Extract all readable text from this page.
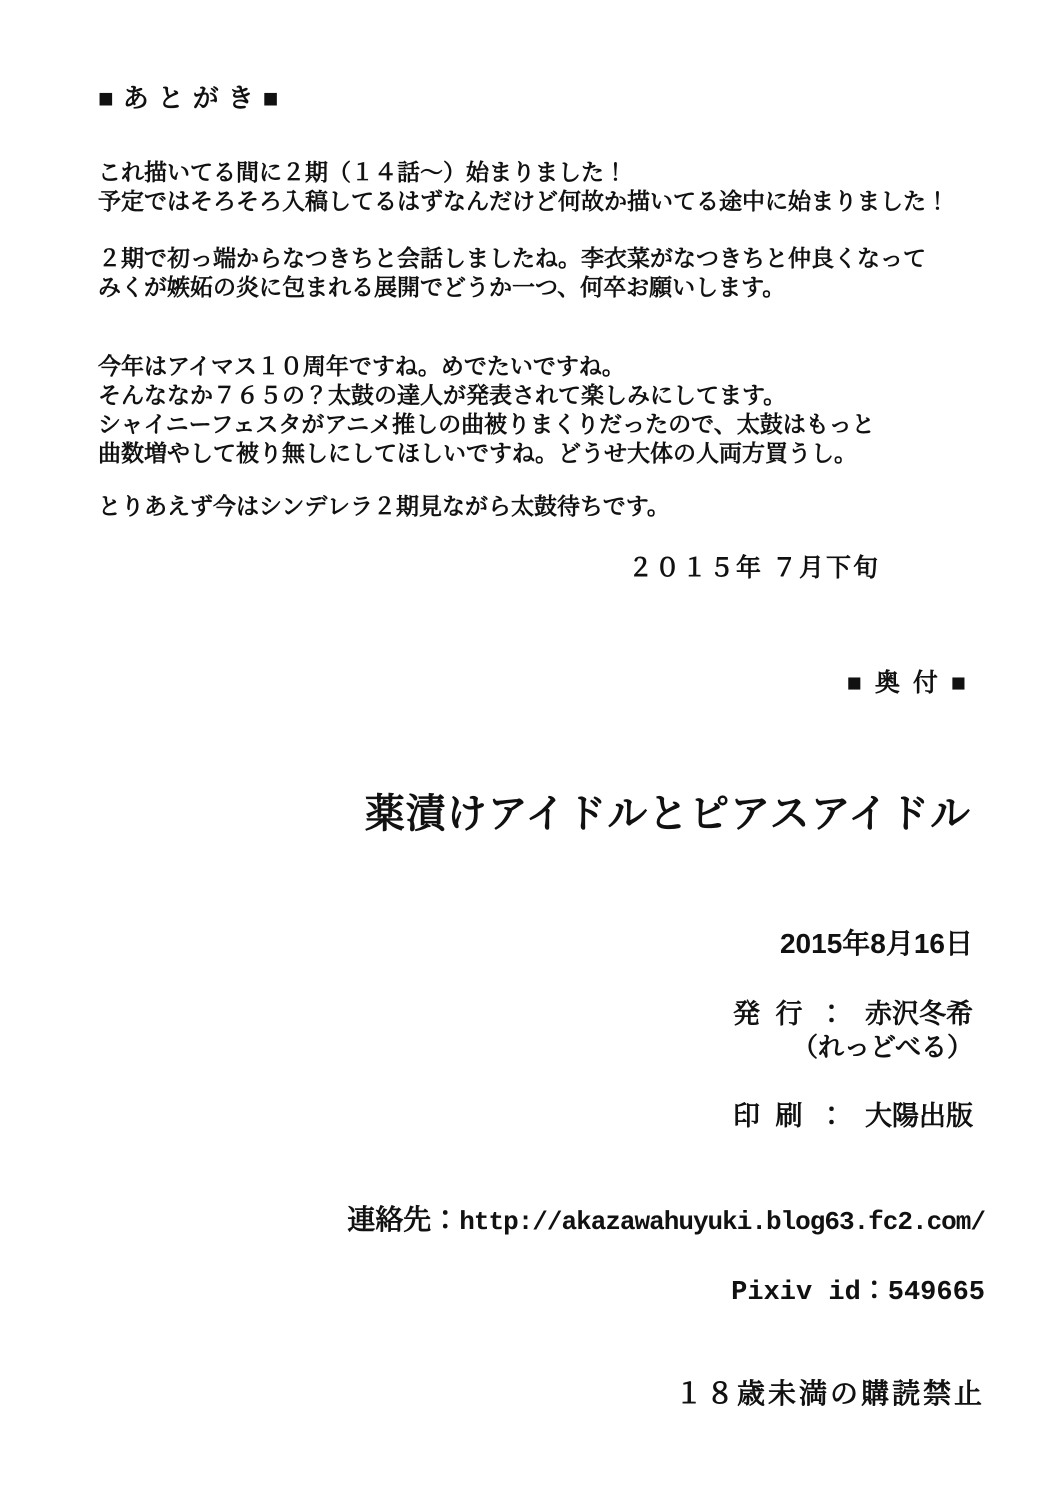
■あとがき■
これ描いてる間に２期（１４話～）始まりました！
予定ではそろそろ入稿してるはずなんだけど何故か描いてる途中に始まりました！
２期で初っ端からなつきちと会話しましたね。李衣菜がなつきちと仲良くなって
みくが嫉妬の炎に包まれる展開でどうか一つ、何卒お願いします。
今年はアイマス１０周年ですね。めでたいですね。
そんななか７６５の？太鼓の達人が発表されて楽しみにしてます。
シャイニーフェスタがアニメ推しの曲被りまくりだったので、太鼓はもっと
曲数増やして被り無しにしてほしいですね。どうせ大体の人両方買うし。
とりあえず今はシンデレラ２期見ながら太鼓待ちです。
２０１５年 ７月下旬
■奥付■
薬漬けアイドルとピアスアイドル
2015年8月16日
発 行 ： 赤沢冬希
（れっどべる）
印 刷 ： 大陽出版
連絡先：http://akazawahuyuki.blog63.fc2.com/
Pixiv id：549665
１８歳未満の購読禁止
